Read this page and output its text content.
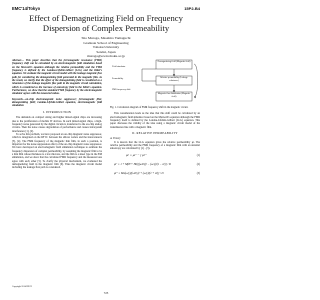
EMC'14/Tokyo	15P2-B4
Effect of Demagnetizing Field on Frequency Dispersion of Complex Permeability
Sho Muroga, Masahiro Yamaguchi
Graduate School of Engineering
Tohoku University
Sendai, Japan
muroga@ecei.tohoku.ac.jp
Abstract— This paper describes that the ferromagnetic resonance (FMR) frequency shift can be calculated by an electromagnetic field simulation based on the Maxwell's equation although the relative permeability and the FMR frequency is defined by the Landau-Lifshitz-Gilbert (LLG) and the Kittel's equation. We evaluate the magnetic circuit model with the leakage magnetic flux path for considering the demagnetizing field generated in the magnetic film. As the result, we clarify that the effect of the demagnetizing field is considered as a reluctance of the leakage magnetic flux path in the magnetic circuit calculation, which is considered as the increase of anisotropy field in the Kittel's equation. Furthermore, we show that the standard FMR frequency by the electromagnetic simulator agrees with the measured values.
Keywords—on-chip electromagnetic noise suppressor; ferromagnetic film; demagnetizing field; Landau-Lifshitz-Gilbert equation, electromagnetic field simulation
I. INTRODUCTION

The demands on compact sizing and higher mixed-signal chips are increasing due to the proliferation of mobile IT devices. In such mixed-signal chips, a high-frequency noise generated by the digital circuits is transferred to the on-chip analog circuits. Then the noise causes degradation of performance and causes intrasystem interference [1], [2].

To solve this problem, we have proposed an on-chip magnetic noise suppressor, which is integrated on the RF IC between the silicon wafers and the interconnects [3], [4]. The FMR frequency of the magnetic thin film, in such a position, is important for the noise suppression effect of the on-chip magnetic noise suppressor. We have developed an electromagnetic field simulation technique to estimate the frequency dispersion of complex permeability, by assuming the magnetic film to be a thin film whose thickness is a few microns, and the film is a sheet type in the EM simulation, and we show that the calculated FMR frequency and the measured one agree with each other [5]. To clarify the physical mechanism, we evaluated the demagnetizing field in the magnetic film [6]. Thus the magnetic circuit model including the leakage flux path is considered.

Demagnetizing field (Magnetic field)
Relative permeability (Leakage reluctance)
Magnetic flux distribution (Magnetic field)
Field simulator
Permeability
FMR frequency shift
Fig. 1. Calculation diagram of FMR frequency shift in the magnetic circuit.

This consideration leads us the idea that this shift could be calculated by an electromagnetic field simulator based on the Maxwell's equation although the FMR frequency itself is defined by the Landau-Lifshitz-Gilbert (LLG) equation. This paper discusses the validity of the idea using a magnetic circuit model of the transmission line with a magnetic film.

II. RELATIVE PERMEABILITY
A. Theory

It is known that the LLG equation gives the relative permeability μr. The relative permeability and the FMR frequency of a magnetic film with an uniaxial anisotropy are calculated by (1) - (3).

μr = μr′ − j μr″	(1)
μr′ = 1 + M(H + Hk)[(ω0/γ)² − (ω/γ)²(1 − α²)] / D	(2)
μr″ = Mα(ω/γ)[(ω0/γ)² + (ω/γ)²(1 + α²)] / D	(3)
Copyright 2014 IEICE
723
